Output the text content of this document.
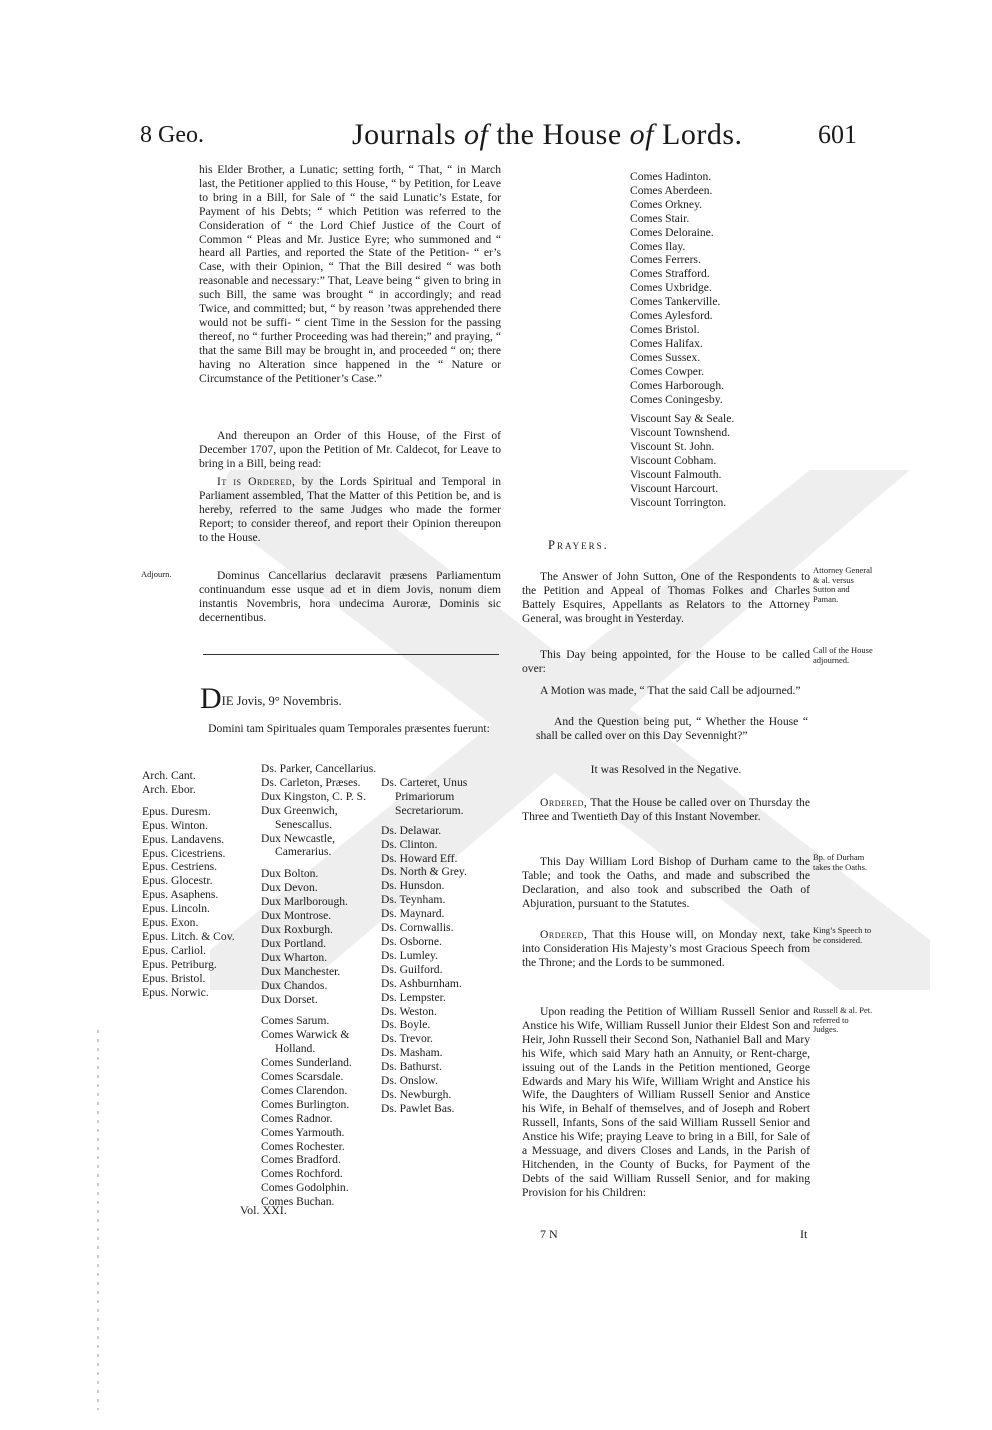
8 Geo.	Journals of the House of Lords.	601

his Elder Brother, a Lunatic; setting forth, “ That, “ in March last, the Petitioner applied to this House, “ by Petition, for Leave to bring in a Bill, for Sale of “ the said Lunatic’s Estate, for Payment of his Debts; “ which Petition was referred to the Consideration of “ the Lord Chief Justice of the Court of Common “ Pleas and Mr. Justice Eyre; who summoned and “ heard all Parties, and reported the State of the Petition- “ er’s Case, with their Opinion, “ That the Bill desired “ was both reasonable and necessary:” That, Leave being “ given to bring in such Bill, the same was brought “ in accordingly; and read Twice, and committed; but, “ by reason ’twas apprehended there would not be suffi- “ cient Time in the Session for the passing thereof, no “ further Proceeding was had therein;” and praying, “ that the same Bill may be brought in, and proceeded “ on; there having no Alteration since happened in the “ Nature or Circumstance of the Petitioner’s Case.”

And thereupon an Order of this House, of the First of December 1707, upon the Petition of Mr. Caldecot, for Leave to bring in a Bill, being read:

It is Ordered, by the Lords Spiritual and Temporal in Parliament assembled, That the Matter of this Petition be, and is hereby, referred to the same Judges who made the former Report; to consider thereof, and report their Opinion thereupon to the House.

Adjourn.	Dominus Cancellarius declaravit præsens Parliamentum continuandum esse usque ad et in diem Jovis, nonum diem instantis Novembris, hora undecima Auroræ, Dominis sic decernentibus.

DIE Jovis, 9° Novembris.

Domini tam Spirituales quam Temporales præsentes fuerunt:

Arch. Cant.
Arch. Ebor.
Epus. Duresm.
Epus. Winton.
Epus. Landavens.
Epus. Cicestriens.
Epus. Cestriens.
Epus. Glocestr.
Epus. Asaphens.
Epus. Lincoln.
Epus. Exon.
Epus. Litch. & Cov.
Epus. Carliol.
Epus. Petriburg.
Epus. Bristol.
Epus. Norwic.
Ds. Parker, Cancellarius.
Ds. Carleton, Præses.
Dux Kingston, C. P. S.
Dux Greenwich, Senescallus.
Dux Newcastle, Camerarius.
Dux Bolton.
Dux Devon.
Dux Marlborough.
Dux Montrose.
Dux Roxburgh.
Dux Portland.
Dux Wharton.
Dux Manchester.
Dux Chandos.
Dux Dorset.
Comes Sarum.
Comes Warwick & Holland.
Comes Sunderland.
Comes Scarsdale.
Comes Clarendon.
Comes Burlington.
Comes Radnor.
Comes Yarmouth.
Comes Rochester.
Comes Bradford.
Comes Rochford.
Comes Godolphin.
Comes Buchan.
Ds. Carteret, Unus Primariorum Secretariorum.
Ds. Delawar.
Ds. Clinton.
Ds. Howard Eff.
Ds. North & Grey.
Ds. Hunsdon.
Ds. Teynham.
Ds. Maynard.
Ds. Cornwallis.
Ds. Osborne.
Ds. Lumley.
Ds. Guilford.
Ds. Ashburnham.
Ds. Lempster.
Ds. Weston.
Ds. Boyle.
Ds. Trevor.
Ds. Masham.
Ds. Bathurst.
Ds. Onslow.
Ds. Newburgh.
Ds. Pawlet Bas.
Comes Hadinton.
Comes Aberdeen.
Comes Orkney.
Comes Stair.
Comes Deloraine.
Comes Ilay.
Comes Ferrers.
Comes Strafford.
Comes Uxbridge.
Comes Tankerville.
Comes Aylesford.
Comes Bristol.
Comes Halifax.
Comes Sussex.
Comes Cowper.
Comes Harborough.
Comes Coningesby.
Viscount Say & Seale.
Viscount Townshend.
Viscount St. John.
Viscount Cobham.
Viscount Falmouth.
Viscount Harcourt.
Viscount Torrington.
Prayers.

The Answer of John Sutton, One of the Respondents to the Petition and Appeal of Thomas Folkes and Charles Battely Esquires, Appellants as Relators to the Attorney General, was brought in Yesterday.

Attorney General & al. versus Sutton and Paman.

This Day being appointed, for the House to be called over:

Call of the House adjourned.

A Motion was made, “ That the said Call be adjourned.”

And the Question being put, “ Whether the House “ shall be called over on this Day Sevennight?”

It was Resolved in the Negative.

Ordered, That the House be called over on Thursday the Three and Twentieth Day of this Instant November.

This Day William Lord Bishop of Durham came to the Table; and took the Oaths, and made and subscribed the Declaration, and also took and subscribed the Oath of Abjuration, pursuant to the Statutes.

Bp. of Durham takes the Oaths.

Ordered, That this House will, on Monday next, take into Consideration His Majesty’s most Gracious Speech from the Throne; and the Lords to be summoned.

King’s Speech to be considered.

Upon reading the Petition of William Russell Senior and Anstice his Wife, William Russell Junior their Eldest Son and Heir, John Russell their Second Son, Nathaniel Ball and Mary his Wife, which said Mary hath an Annuity, or Rent-charge, issuing out of the Lands in the Petition mentioned, George Edwards and Mary his Wife, William Wright and Anstice his Wife, the Daughters of William Russell Senior and Anstice his Wife, in Behalf of themselves, and of Joseph and Robert Russell, Infants, Sons of the said William Russell Senior and Anstice his Wife; praying Leave to bring in a Bill, for Sale of a Messuage, and divers Closes and Lands, in the Parish of Hitchenden, in the County of Bucks, for Payment of the Debts of the said William Russell Senior, and for making Provision for his Children:

Russell & al. Pet. referred to Judges.
Vol. XXI.
7 N	It
